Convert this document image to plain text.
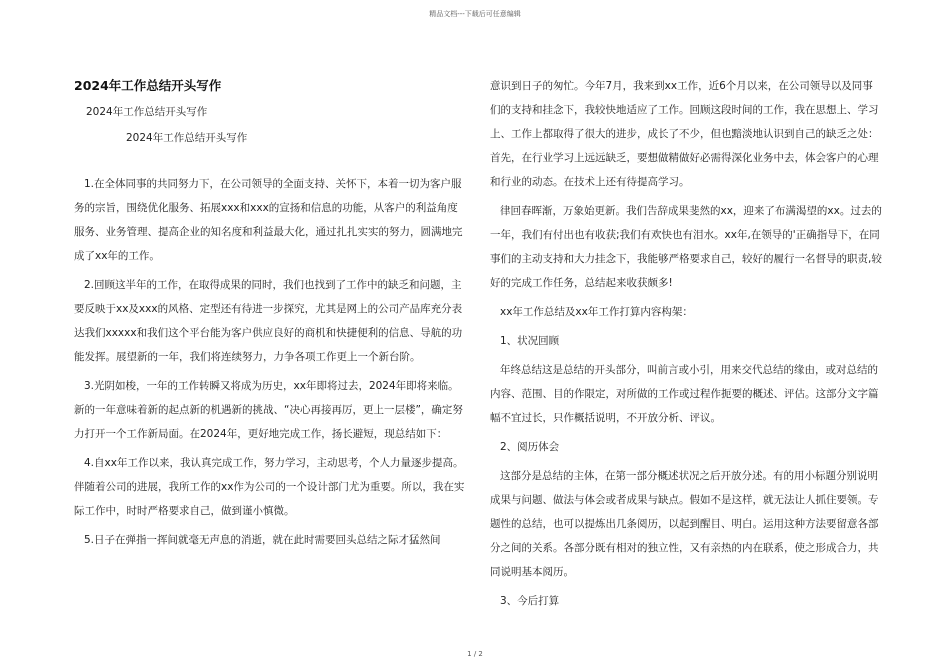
精品文档---下载后可任意编辑

2024年工作总结开头写作

2024年工作总结开头写作

2024年工作总结开头写作

1.在全体同事的共同努力下，在公司领导的全面支持、关怀下，本着一切为客户服务的宗旨，围绕优化服务、拓展xxx和xxx的宣扬和信息的功能，从客户的利益角度服务、业务管理、提高企业的知名度和利益最大化，通过扎扎实实的努力，圆满地完成了xx年的工作。

2.回顾这半年的工作，在取得成果的同时，我们也找到了工作中的缺乏和问题，主要反映于xx及xxx的风格、定型还有待进一步探究，尤其是网上的公司产品库充分表达我们xxxxx和我们这个平台能为客户供应良好的商机和快捷便利的信息、导航的功能发挥。展望新的一年，我们将连续努力，力争各项工作更上一个新台阶。

3.光阴如梭，一年的工作转瞬又将成为历史，xx年即将过去，2024年即将来临。新的一年意味着新的起点新的机遇新的挑战、“决心再接再厉，更上一层楼”，确定努力打开一个工作新局面。在2024年，更好地完成工作，扬长避短，现总结如下：

4.自xx年工作以来，我认真完成工作，努力学习，主动思考，个人力量逐步提高。伴随着公司的进展，我所工作的xx作为公司的一个设计部门尤为重要。所以，我在实际工作中，时时严格要求自己，做到谨小慎微。

5.日子在弹指一挥间就毫无声息的消逝，就在此时需要回头总结之际才猛然间

意识到日子的匆忙。今年7月，我来到xx工作，近6个月以来，在公司领导以及同事们的支持和挂念下，我较快地适应了工作。回顾这段时间的工作，我在思想上、学习上、工作上都取得了很大的进步，成长了不少，但也黯淡地认识到自己的缺乏之处：首先，在行业学习上远远缺乏，要想做精做好必需得深化业务中去，体会客户的心理和行业的动态。在技术上还有待提高学习。

律回春晖渐，万象始更新。我们告辞成果斐然的xx，迎来了布满渴望的xx。过去的一年，我们有付出也有收获;我们有欢快也有泪水。xx年,在领导的'正确指导下，在同事们的主动支持和大力挂念下，我能够严格要求自己，较好的履行一名督导的职责,较好的完成工作任务，总结起来收获颇多!

xx年工作总结及xx年工作打算内容构架：

1、状况回顾

年终总结这是总结的开头部分，叫前言或小引，用来交代总结的缘由，或对总结的内容、范围、目的作限定，对所做的工作或过程作扼要的概述、评估。这部分文字篇幅不宜过长，只作概括说明，不开放分析、评议。

2、阅历体会

这部分是总结的主体，在第一部分概述状况之后开放分述。有的用小标题分别说明成果与问题、做法与体会或者成果与缺点。假如不是这样，就无法让人抓住要领。专题性的总结，也可以提炼出几条阅历，以起到醒目、明白。运用这种方法要留意各部分之间的关系。各部分既有相对的独立性，又有亲热的内在联系，使之形成合力，共同说明基本阅历。

3、今后打算

1 / 2
